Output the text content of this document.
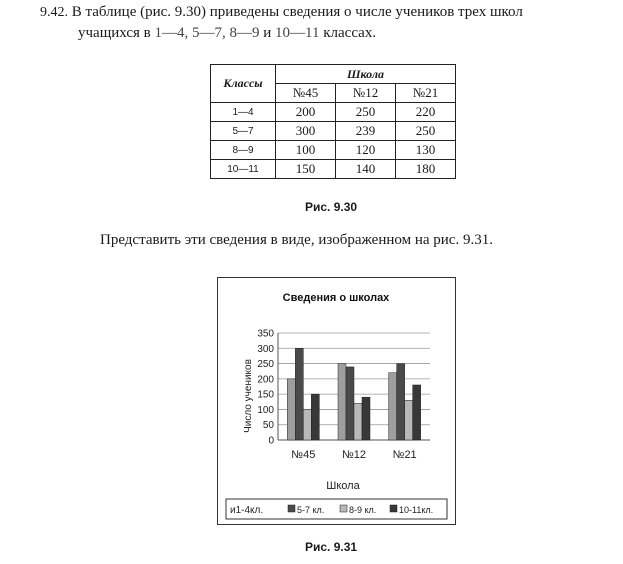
9.42. В таблице (рис. 9.30) приведены сведения о числе учеников трех школ
учащихся в 1—4, 5—7, 8—9 и 10—11 классах.
Классы	Школа		
	№45	№12	№21
1—4	200	250	220
5—7	300	239	250
8—9	100	120	130
10—11	150	140	180
Рис. 9.30
Представить эти сведения в виде, изображенном на рис. 9.31.
Сведения о школах
Число учеников
Школа
0
50
100
150
200
250
300
350
№45 №12 №21
и1-4кл.	5-7 кл.	8-9 кл.	10-11кл.
Рис. 9.31
